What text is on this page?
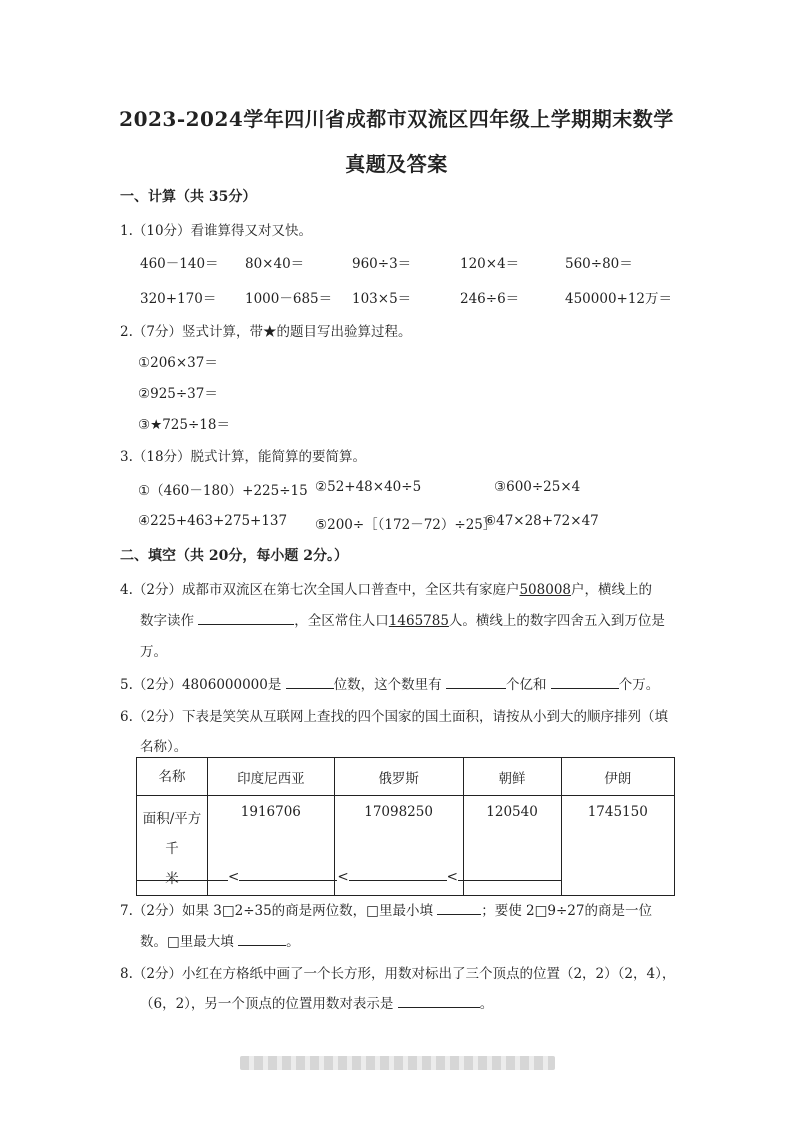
2023-2024学年四川省成都市双流区四年级上学期期末数学
真题及答案
一、计算（共 35分）
1.（10分）看谁算得又对又快。
460－140＝ 80×40＝	960÷3＝	120×4＝	560÷80＝
320+170＝ 1000－685＝ 103×5＝	246÷6＝	450000+12万＝
2.（7分）竖式计算，带★的题目写出验算过程。
①206×37＝
②925÷37＝
③★725÷18＝
3.（18分）脱式计算，能简算的要简算。
①（460－180）+225÷15 ②52+48×40÷5	③600÷25×4
④225+463+275+137 ⑤200÷［（172－72）÷25］
⑥47×28+72×47
二、填空（共 20分，每小题 2分。）
4.（2分）成都市双流区在第七次全国人口普查中，全区共有家庭户508008户，横线上的
数字读作	，全区常住人口1465785人。横线上的数字四舍五入到万位是
万。
5.（2分）4806000000是	位数，这个数里有	个亿和	个万。
6.（2分）下表是笑笑从互联网上查找的四个国家的国土面积，请按从小到大的顺序排列（填
名称）。
名称	印度尼西亚	俄罗斯	朝鲜	伊朗

面积/平方千
米	1916706	17098250	120540	1745150
<	<	<
7.（2分）如果 3□2÷35的商是两位数，□里最小填	；要使 2□9÷27的商是一位
数。□里最大填	。
8.（2分）小红在方格纸中画了一个长方形，用数对标出了三个顶点的位置（2，2）（2，4），
（6，2），另一个顶点的位置用数对表示是	。
